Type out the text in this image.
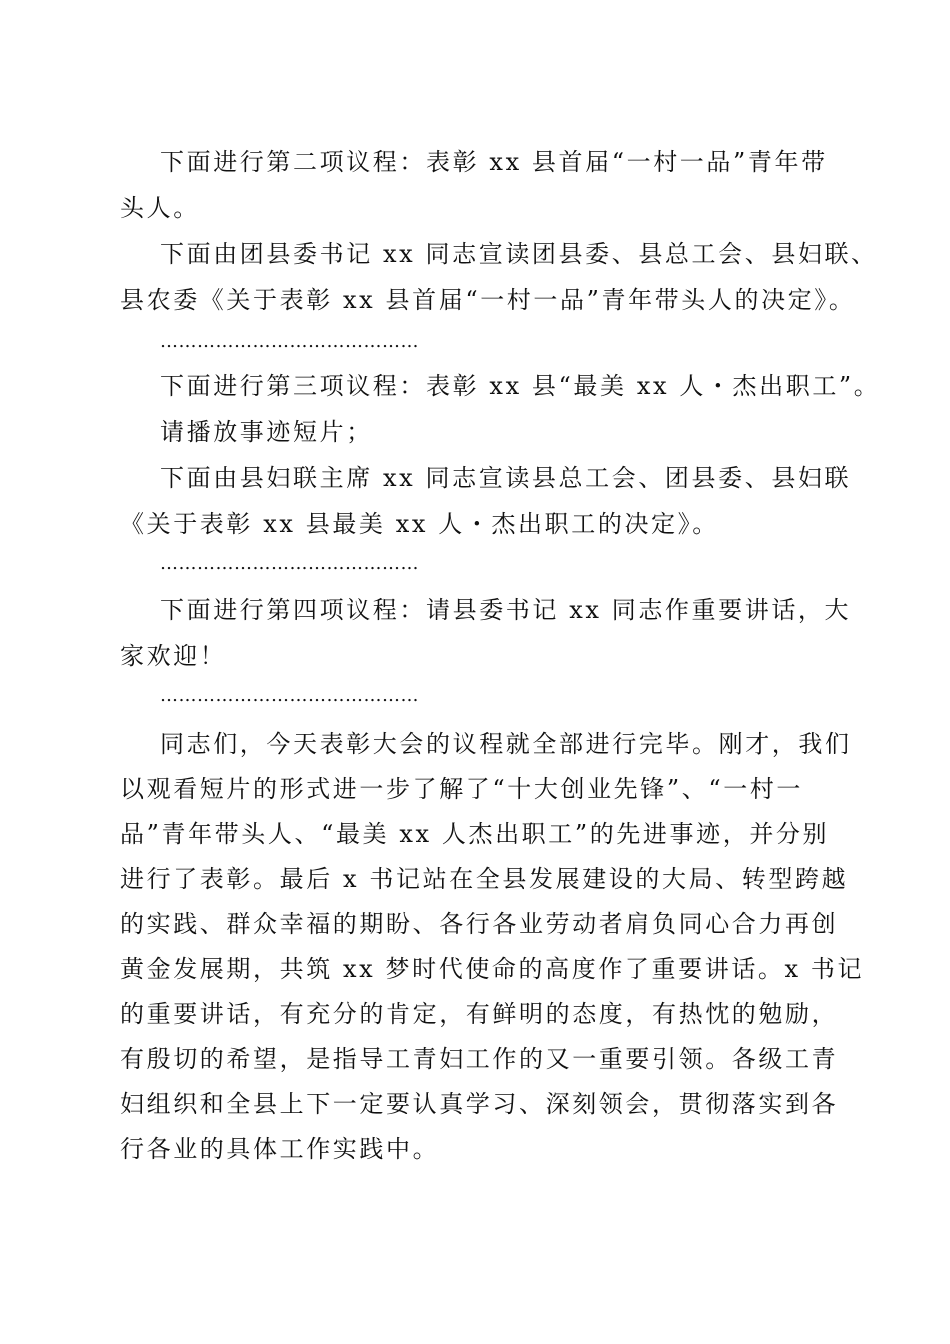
下面进行第二项议程：表彰 xx 县首届“一村一品”青年带
头人。
下面由团县委书记 xx 同志宣读团县委、县总工会、县妇联、
县农委《关于表彰 xx 县首届“一村一品”青年带头人的决定》。
……………………………………
下面进行第三项议程：表彰 xx 县“最美 xx 人・杰出职工”。
请播放事迹短片；
下面由县妇联主席 xx 同志宣读县总工会、团县委、县妇联
《关于表彰 xx 县最美 xx 人・杰出职工的决定》。
……………………………………
下面进行第四项议程：请县委书记 xx 同志作重要讲话，大
家欢迎！
……………………………………
同志们，今天表彰大会的议程就全部进行完毕。刚才，我们
以观看短片的形式进一步了解了“十大创业先锋”、“一村一
品”青年带头人、“最美 xx 人杰出职工”的先进事迹，并分别
进行了表彰。最后 x 书记站在全县发展建设的大局、转型跨越
的实践、群众幸福的期盼、各行各业劳动者肩负同心合力再创
黄金发展期，共筑 xx 梦时代使命的高度作了重要讲话。x 书记
的重要讲话，有充分的肯定，有鲜明的态度，有热忱的勉励，
有殷切的希望，是指导工青妇工作的又一重要引领。各级工青
妇组织和全县上下一定要认真学习、深刻领会，贯彻落实到各
行各业的具体工作实践中。
